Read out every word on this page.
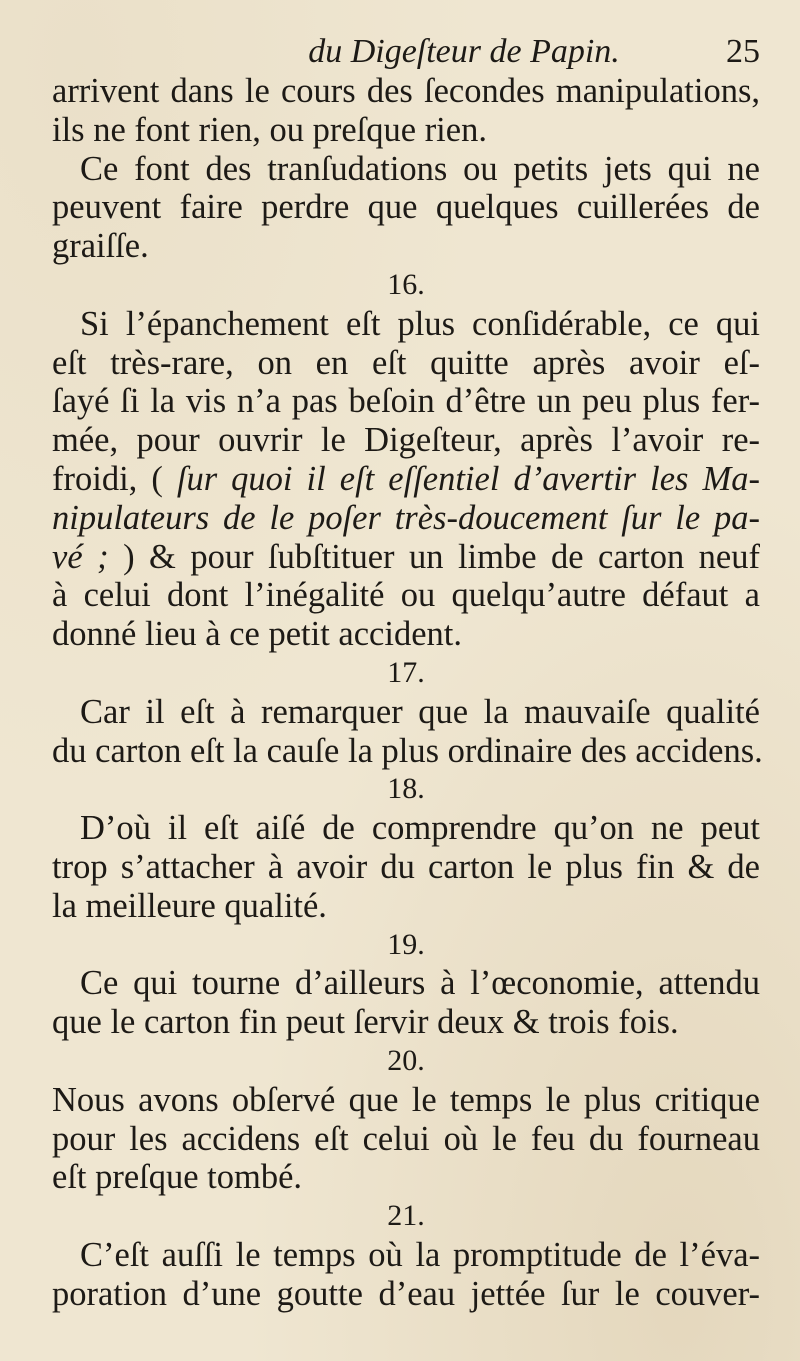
du Digeſteur de Papin.	25

arrivent dans le cours des ſecondes manipulations,

ils ne font rien, ou preſque rien.

Ce font des tranſudations ou petits jets qui ne

peuvent faire perdre que quelques cuillerées de

graiſſe.

16.

Si l’épanchement eſt plus conſidérable, ce qui

eſt très-rare, on en eſt quitte après avoir eſ-

ſayé ſi la vis n’a pas beſoin d’être un peu plus fer-

mée, pour ouvrir le Digeſteur, après l’avoir re-

froidi, ( ſur quoi il eſt eſſentiel d’avertir les Ma-

nipulateurs de le poſer très-doucement ſur le pa-

vé ; ) & pour ſubſtituer un limbe de carton neuf

à celui dont l’inégalité ou quelqu’autre défaut a

donné lieu à ce petit accident.

17.

Car il eſt à remarquer que la mauvaiſe qualité

du carton eſt la cauſe la plus ordinaire des accidens.

18.

D’où il eſt aiſé de comprendre qu’on ne peut

trop s’attacher à avoir du carton le plus fin & de

la meilleure qualité.

19.

Ce qui tourne d’ailleurs à l’œconomie, attendu

que le carton fin peut ſervir deux & trois fois.

20.

Nous avons obſervé que le temps le plus critique

pour les accidens eſt celui où le feu du fourneau

eſt preſque tombé.

21.

C’eſt auſſi le temps où la promptitude de l’éva-

poration d’une goutte d’eau jettée ſur le couver-
